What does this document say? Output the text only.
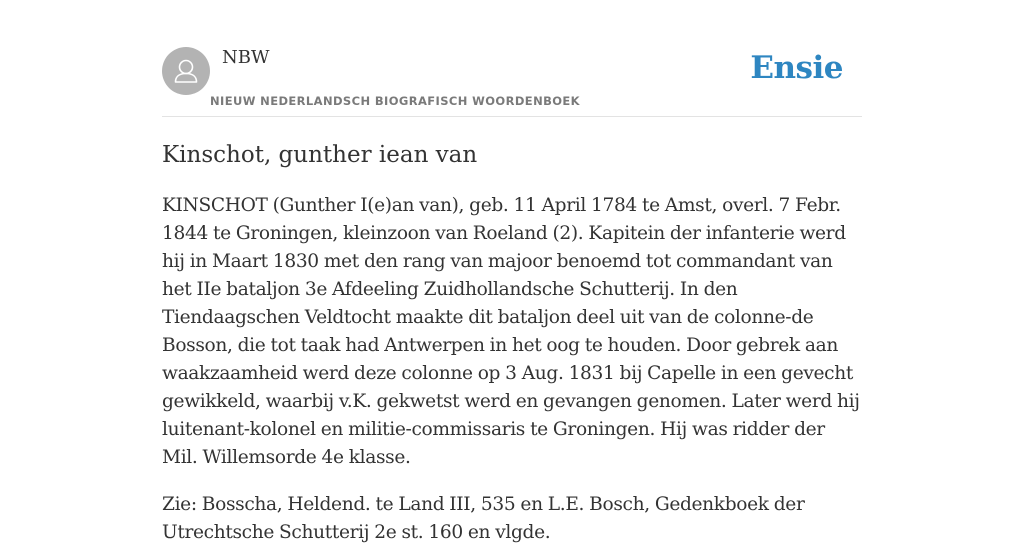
NBW
NIEUW NEDERLANDSCH BIOGRAFISCH WOORDENBOEK
Ensie
Kinschot, gunther iean van

KINSCHOT (Gunther I(e)an van), geb. 11 April 1784 te Amst, overl. 7 Febr. 1844 te Groningen, kleinzoon van Roeland (2). Kapitein der infanterie werd hij in Maart 1830 met den rang van majoor benoemd tot commandant van het IIe bataljon 3e Afdeeling Zuidhollandsche Schutterij. In den Tiendaagschen Veldtocht maakte dit bataljon deel uit van de colonne-de Bosson, die tot taak had Antwerpen in het oog te houden. Door gebrek aan waakzaamheid werd deze colonne op 3 Aug. 1831 bij Capelle in een gevecht gewikkeld, waarbij v.K. gekwetst werd en gevangen genomen. Later werd hij luitenant-kolonel en militie-commissaris te Groningen. Hij was ridder der Mil. Willemsorde 4e klasse.

Zie: Bosscha, Heldend. te Land III, 535 en L.E. Bosch, Gedenkboek der Utrechtsche Schutterij 2e st. 160 en vlgde.
